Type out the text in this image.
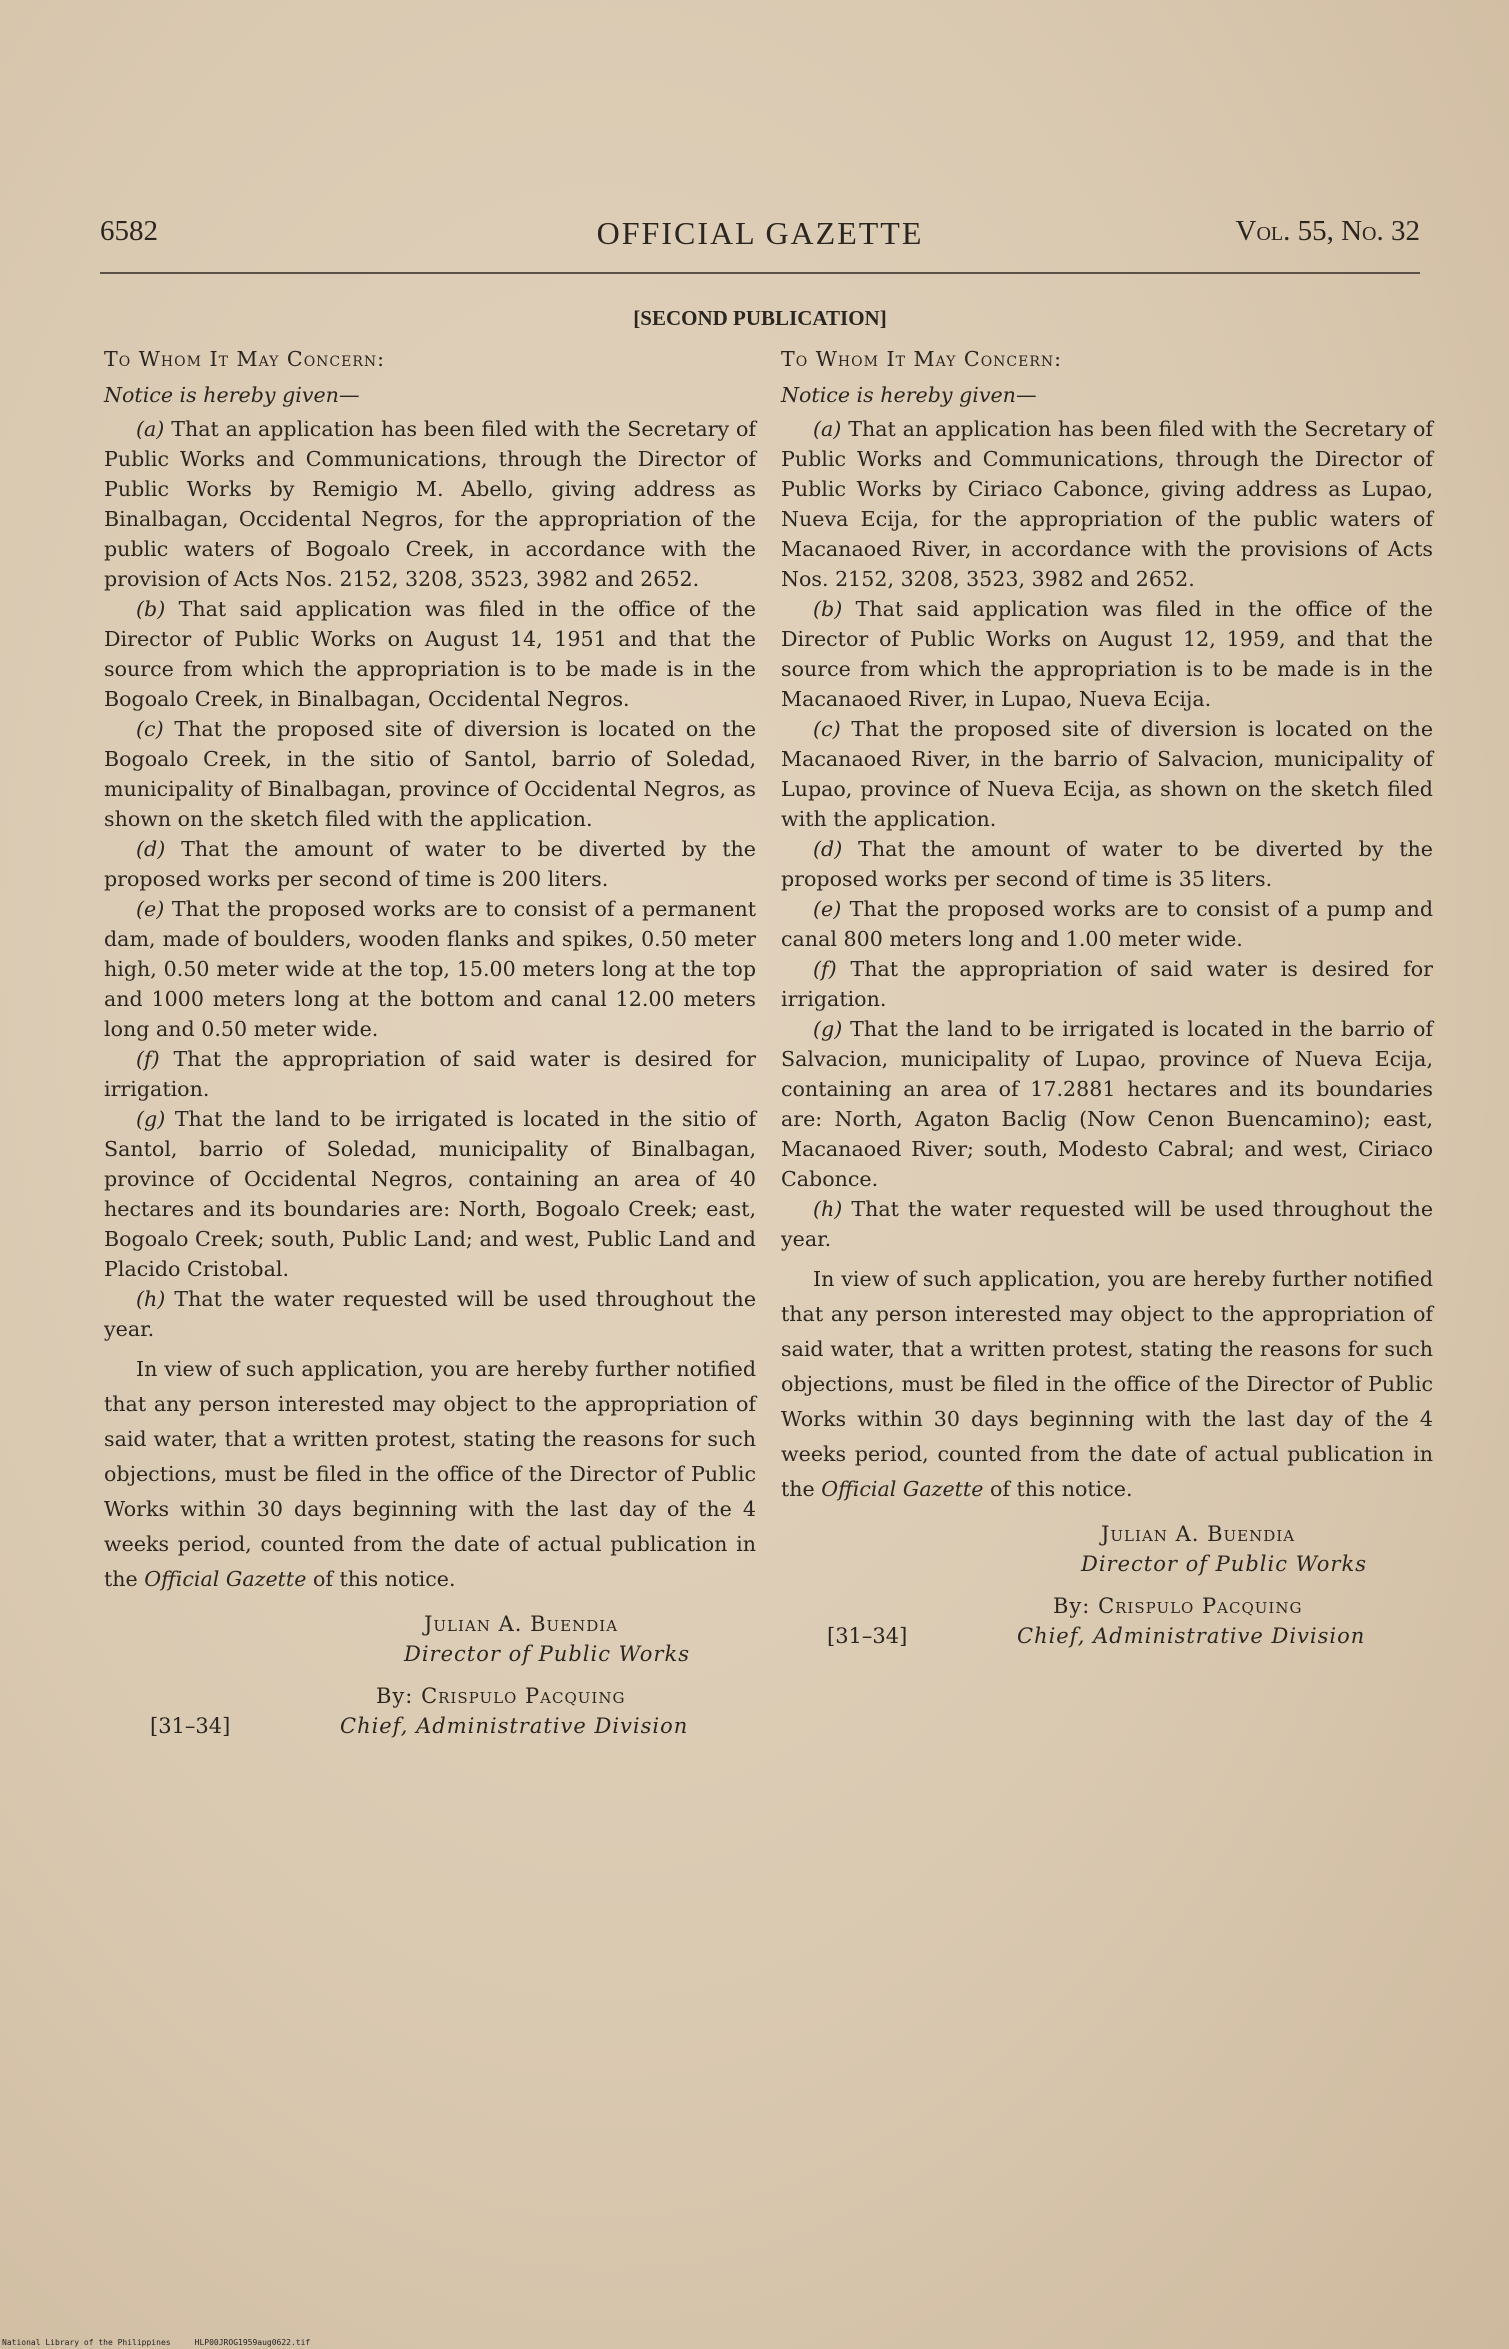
6582	OFFICIAL GAZETTE	Vol. 55, No. 32
[SECOND PUBLICATION]

To Whom It May Concern:

Notice is hereby given—

(a) That an application has been filed with the Secretary of Public Works and Communications, through the Director of Public Works by Remigio M. Abello, giving address as Binalbagan, Occidental Negros, for the appropriation of the public waters of Bogoalo Creek, in accordance with the provision of Acts Nos. 2152, 3208, 3523, 3982 and 2652.

(b) That said application was filed in the office of the Director of Public Works on August 14, 1951 and that the source from which the appropriation is to be made is in the Bogoalo Creek, in Binalbagan, Occidental Negros.

(c) That the proposed site of diversion is located on the Bogoalo Creek, in the sitio of Santol, barrio of Soledad, municipality of Binalbagan, province of Occidental Negros, as shown on the sketch filed with the application.

(d) That the amount of water to be diverted by the proposed works per second of time is 200 liters.

(e) That the proposed works are to consist of a permanent dam, made of boulders, wooden flanks and spikes, 0.50 meter high, 0.50 meter wide at the top, 15.00 meters long at the top and 1000 meters long at the bottom and canal 12.00 meters long and 0.50 meter wide.

(f) That the appropriation of said water is desired for irrigation.

(g) That the land to be irrigated is located in the sitio of Santol, barrio of Soledad, municipality of Binalbagan, province of Occidental Negros, containing an area of 40 hectares and its boundaries are: North, Bogoalo Creek; east, Bogoalo Creek; south, Public Land; and west, Public Land and Placido Cristobal.

(h) That the water requested will be used throughout the year.

In view of such application, you are hereby further notified that any person interested may object to the appropriation of said water, that a written protest, stating the reasons for such objections, must be filed in the office of the Director of Public Works within 30 days beginning with the last day of the 4 weeks period, counted from the date of actual publication in the Official Gazette of this notice.

Julian A. Buendia
Director of Public Works
By: Crispulo Pacquing
[31–34]	Chief, Administrative Division

To Whom It May Concern:

Notice is hereby given—

(a) That an application has been filed with the Secretary of Public Works and Communications, through the Director of Public Works by Ciriaco Cabonce, giving address as Lupao, Nueva Ecija, for the appropriation of the public waters of Macanaoed River, in accordance with the provisions of Acts Nos. 2152, 3208, 3523, 3982 and 2652.

(b) That said application was filed in the office of the Director of Public Works on August 12, 1959, and that the source from which the appropriation is to be made is in the Macanaoed River, in Lupao, Nueva Ecija.

(c) That the proposed site of diversion is located on the Macanaoed River, in the barrio of Salvacion, municipality of Lupao, province of Nueva Ecija, as shown on the sketch filed with the application.

(d) That the amount of water to be diverted by the proposed works per second of time is 35 liters.

(e) That the proposed works are to consist of a pump and canal 800 meters long and 1.00 meter wide.

(f) That the appropriation of said water is desired for irrigation.

(g) That the land to be irrigated is located in the barrio of Salvacion, municipality of Lupao, province of Nueva Ecija, containing an area of 17.2881 hectares and its boundaries are: North, Agaton Baclig (Now Cenon Buencamino); east, Macanaoed River; south, Modesto Cabral; and west, Ciriaco Cabonce.

(h) That the water requested will be used throughout the year.

In view of such application, you are hereby further notified that any person interested may object to the appropriation of said water, that a written protest, stating the reasons for such objections, must be filed in the office of the Director of Public Works within 30 days beginning with the last day of the 4 weeks period, counted from the date of actual publication in the Official Gazette of this notice.

Julian A. Buendia
Director of Public Works
By: Crispulo Pacquing
[31–34]	Chief, Administrative Division
National Library of the Philippines     HLP00JROG1959aug0622.tif
